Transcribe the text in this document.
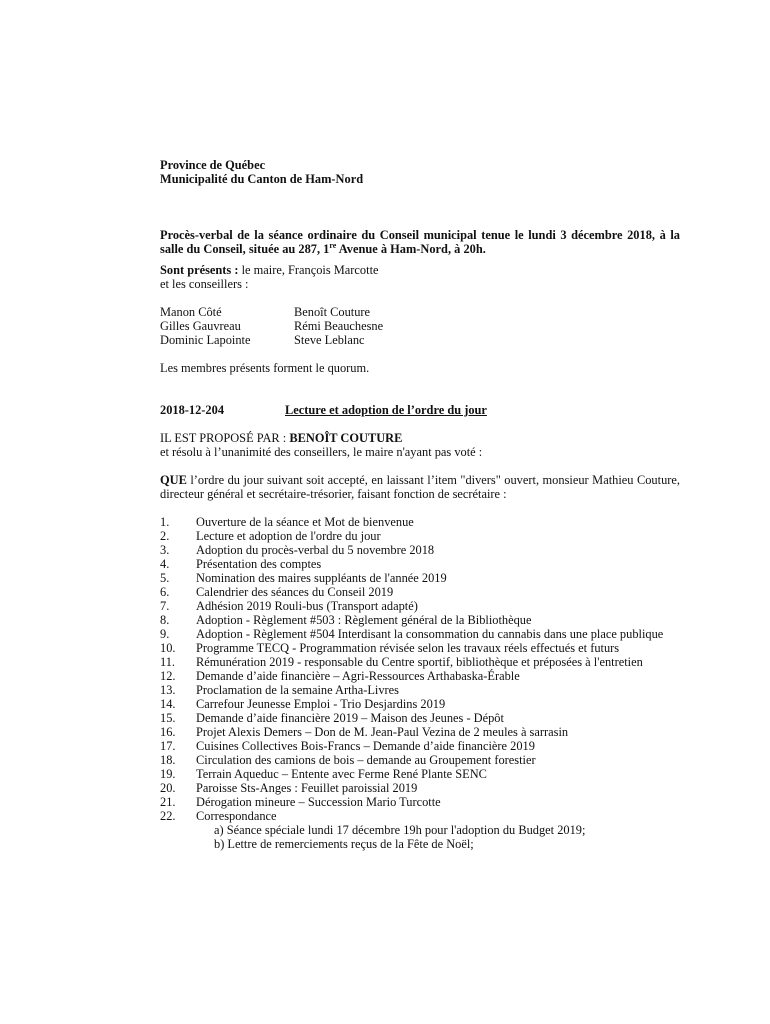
Province de Québec
Municipalité du Canton de Ham-Nord
Procès-verbal de la séance ordinaire du Conseil municipal tenue le lundi 3 décembre 2018, à la salle du Conseil, située au 287, 1re Avenue à Ham-Nord, à 20h.
Sont présents : le maire, François Marcotte
et les conseillers :
Manon Côté	Benoît Couture
Gilles Gauvreau	Rémi Beauchesne
Dominic Lapointe	Steve Leblanc
Les membres présents forment le quorum.
2018-12-204	Lecture et adoption de l’ordre du jour
IL EST PROPOSÉ PAR : BENOÎT COUTURE
et résolu à l’unanimité des conseillers, le maire n'ayant pas voté :
QUE l’ordre du jour suivant soit accepté, en laissant l’item "divers" ouvert, monsieur Mathieu Couture, directeur général et secrétaire-trésorier, faisant fonction de secrétaire :
1.	Ouverture de la séance et Mot de bienvenue
2.	Lecture et adoption de l'ordre du jour
3.	Adoption du procès-verbal du 5 novembre 2018
4.	Présentation des comptes
5.	Nomination des maires suppléants de l'année 2019
6.	Calendrier des séances du Conseil 2019
7.	Adhésion 2019 Rouli-bus (Transport adapté)
8.	Adoption - Règlement #503 : Règlement général de la Bibliothèque
9.	Adoption - Règlement #504 Interdisant la consommation du cannabis dans une place publique
10.	Programme TECQ - Programmation révisée selon les travaux réels effectués et futurs
11.	Rémunération 2019 - responsable du Centre sportif, bibliothèque et préposées à l'entretien
12.	Demande d’aide financière – Agri-Ressources Arthabaska-Érable
13.	Proclamation de la semaine Artha-Livres
14.	Carrefour Jeunesse Emploi - Trio Desjardins 2019
15.	Demande d’aide financière 2019 – Maison des Jeunes - Dépôt
16.	Projet Alexis Demers – Don de M. Jean-Paul Vezina de 2 meules à sarrasin
17.	Cuisines Collectives Bois-Francs – Demande d’aide financière 2019
18.	Circulation des camions de bois – demande au Groupement forestier
19.	Terrain Aqueduc – Entente avec Ferme René Plante SENC
20.	Paroisse Sts-Anges : Feuillet paroissial 2019
21.	Dérogation mineure – Succession Mario Turcotte
22.	Correspondance
a) Séance spéciale lundi 17 décembre 19h pour l'adoption du Budget 2019;
b) Lettre de remerciements reçus de la Fête de Noël;
